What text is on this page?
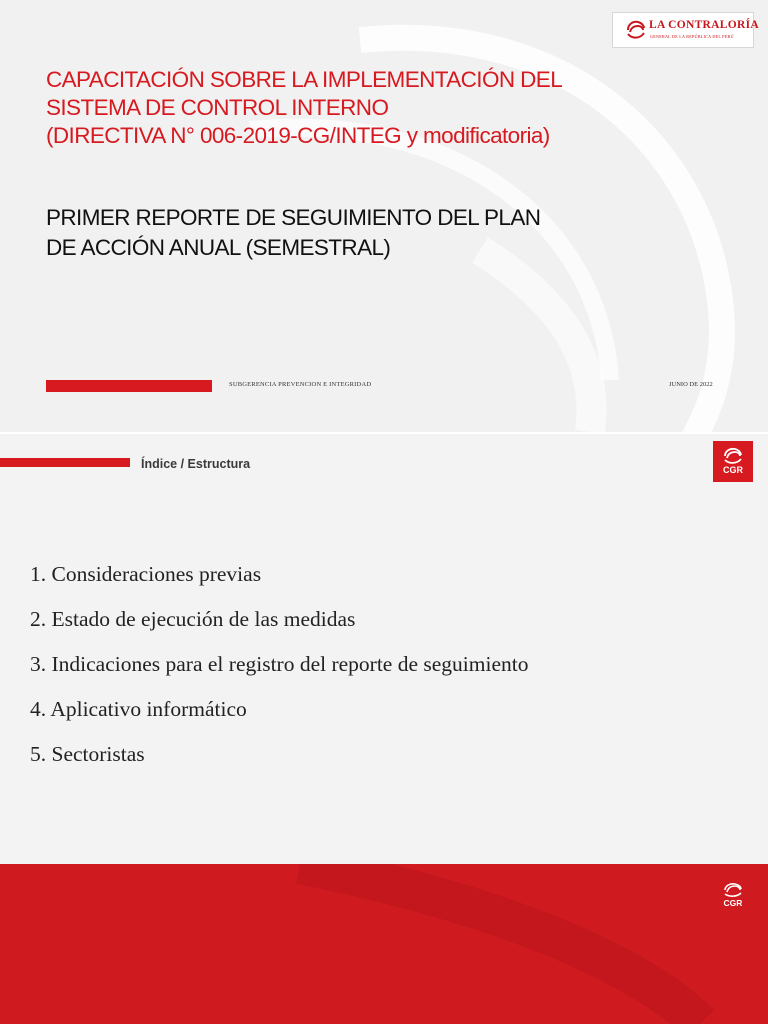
LA CONTRALORÍA
GENERAL DE LA REPÚBLICA DEL PERÚ
CAPACITACIÓN SOBRE LA IMPLEMENTACIÓN DEL
SISTEMA DE CONTROL INTERNO
(DIRECTIVA N° 006-2019-CG/INTEG y modificatoria)
PRIMER REPORTE DE SEGUIMIENTO DEL PLAN
DE ACCIÓN ANUAL (SEMESTRAL)
SUBGERENCIA PREVENCION E INTEGRIDAD	JUNIO DE 2022
Índice / Estructura	CGR
1. Consideraciones previas
2. Estado de ejecución de las medidas
3. Indicaciones para el registro del reporte de seguimiento
4. Aplicativo informático
5. Sectoristas
CGR
